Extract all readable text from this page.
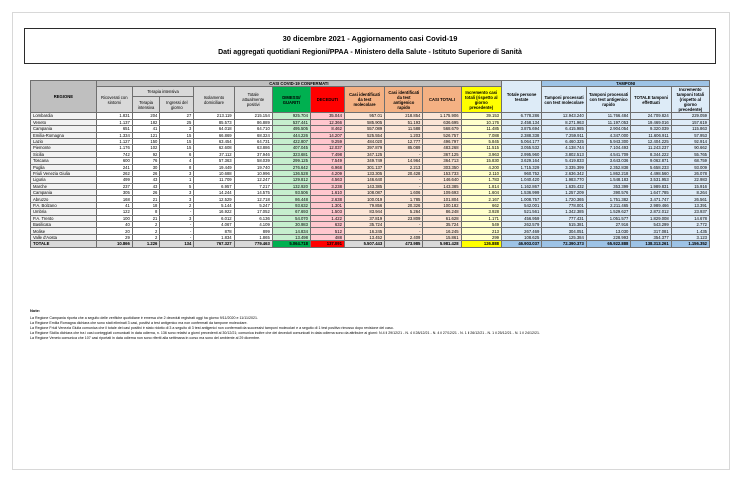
30 dicembre 2021 - Aggiornamento casi Covid-19
Dati aggregati quotidiani Regioni/PPAA - Ministero della Salute - Istituto Superiore di Sanità
REGIONE	CASI COVID-19 CONFERMATI											Totale persone testate	TAMPONI			
	Ricoverati con sintomi	Terapia intensiva		Isolamento domiciliare	Totale attualmente positivi	DIMESSI/ GUARITI	DECEDUTI	Casi identificati da test molecolare	Casi identificati da test antigenico rapido	CASI TOTALI	Incremento casi totali (rispetto al giorno precedente)		Tamponi processati con test molecolare	Tamponi processati con test antigenico rapido	TOTALE tamponi effettuati	Incremento tamponi totali (rispetto al giorno precedente)
		Terapia intensiva	Ingressi del giorno													
Lombardia	1.831	204	27	213.119	215.154	925.704	35.044	957.01	218.854	1.175.906	39.153	6.778.286	12.943.240	11.766.484	24.709.824	229.059
Veneto	1.137	182	25	85.573	86.889	537.441	12.366	585.905	51.193	636.695	10.176	2.458.134	8.271.963	11.197.053	19.469.016	157.619
Campania	651	41	3	64.018	64.710	495.505	8.462	557.089	11.588	568.679	11.485	3.875.694	6.415.985	2.904.054	9.320.039	115.863
Emilia-Romagna	1.334	121	15	66.869	68.324	444.226	14.207	525.554	1.203	526.757	7.088	2.388.338	7.259.911	4.347.000	11.606.911	57.953
Lazio	1.127	150	15	63.454	64.731	422.807	9.259	484.020	12.777	496.797	5.845	5.064.177	6.460.325	5.943.300	12.404.225	92.914
Piemonte	1.176	102	15	62.608	63.886	407.045	12.037	397.879	85.089	483.268	11.515	3.055.532	4.138.744	7.104.493	11.243.237	90.662
Sicilia	742	92	6	37.112	37.946	323.681	7.498	347.125	-	367.125	3.963	2.995.960	3.802.513	4.541.709	8.344.222	55.765
Toscana	600	76	4	57.363	58.039	299.125	7.549	349.749	14.964	364.713	15.830	3.629.164	5.419.833	3.643.036	9.062.871	68.759
Puglia	241	30	8	19.449	19.740	276.642	6.968	301.137	2.213	303.350	4.200	1.715.329	3.335.399	2.352.838	5.658.233	93.009
Friuli Venezia Giulia	262	26	3	10.688	10.996	136.528	4.209	133.305	20.428	153.733	2.110	960.752	2.636.342	1.862.218	4.498.560	26.078
Liguria	499	43	1	11.709	12.247	129.812	4.563	146.640	-	146.640	1.783	1.040.420	1.983.770	1.548.183	3.531.953	22.983
Marche	237	43	5	6.957	7.217	132.920	3.238	143.385	-	143.385	1.814	1.162.867	1.635.432	353.399	1.989.831	15.916
Campania	305	26	3	14.244	14.575	93.506	1.610	108.087	1.606	109.693	1.604	1.536.999	1.257.209	390.576	1.647.785	8.264
Abruzzo	168	21	3	12.529	12.718	86.448	2.638	100.019	1.785	101.804	2.167	1.008.757	1.720.365	1.751.382	3.471.747	26.561
P.A. Bolzano	41	18	2	5.144	5.247	93.632	1.301	79.856	20.326	100.182	662	542.001	778.001	2.211.465	2.989.466	13.391
Umbria	122	8	-	16.922	17.052	67.693	1.503	83.944	5.264	86.248	3.928	521.561	1.342.385	1.529.627	2.872.012	23.937
P.A. Trento	100	21	3	6.012	6.136	54.070	1.422	37.819	23.809	61.628	1.171	456.959	777.431	1.051.577	1.829.008	14.678
Basilicata	40	2	-	4.067	4.109	30.983	632	35.724	-	35.724	549	262.579	515.381	27.916	543.299	2.772
Molise	20	2	-	878	899	14.834	512	16.245	-	16.245	213	267.469	304.051	13.030	317.081	1.435
Valle d'Aosta	29	2	-	1.834	1.865	13.498	488	13.452	2.409	15.861	299	108.625	125.384	228.993	354.377	3.123
TOTALE	10.866	1.226	134	767.327	779.463	5.064.718	137.091	5.507.443	473.985	5.981.428	126.888	46.903.037	72.390.373	65.922.888	138.313.261	1.156.352
Note:
La Regione Campania riporta che a seguito delle verifiche quotidiane è emersa che 2 deceduti registrati oggi ha giorno 9/11/2020 e 11/11/2021.
La Regione Emilia Romagna dichiara che sono stati eliminati 3 casi, positivi a test antigenico ma non confermati da tampone molecolare.
La Regione Friuli Venezia Giulia comunica che il totale dei casi positivi è stato ridotto di 3 a seguito di 3 test antigenici non confermati da successivi tamponi molecolari e a seguito di 1 test positivo rimosso dopo revisione del caso.
La Regione Sicilia dichiara che tra i casi conteggiati comunicati in data odierna, n. 136 sono relativi a giorni precedenti al 30/12/21; comunica inoltre che dei deceduti comunicati in data odierna sono da attribuire ai giorni: N.4 il 29/12/21 - N. 4 il 28/12/21 - N. 4 il 27/12/21 - N. 1 il 26/12/21 - N. 1 il 25/12/21 - N. 1 il 24/12/21.
La Regione Veneto comunica che 107 casi riportati in data odierna non sono riferiti alla settimana in corso ma sono del ambiente al 29 dicembre.
